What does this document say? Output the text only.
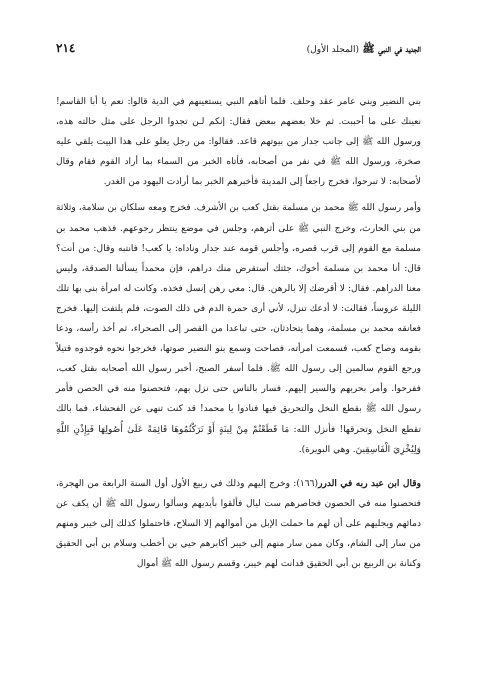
٢١٤	الجديد في النبي ﷺ (المجلد الأول)

بني النضير وبني عامر عقد وحلف. فلما أتاهم النبي يستعينهم في الدية قالوا: نعم يا أبا القاسم! نعينك على ما أحببت. ثم خلا بعضهم ببعض فقال: إنكم لـن تجدوا الرجل على مثل حالته هذه، ورسول الله ﷺ إلى جانب جدار من بيوتهم قاعد. فقالوا: من رجل يعلو على هذا البيت يلقي عليه صخرة، ورسول الله ﷺ في نفر من أصحابه، فأتاه الخبر من السماء بما أراد القوم فقام وقال لأصحابه: لا تبرحوا، فخرج راجعاً إلى المدينة فأخبرهم الخبر بما أرادت اليهود من الغدر.

وأمر رسول الله ﷺ محمد بن مسلمة بقتل كعب بن الأشرف. فخرج ومعه سلكان بن سلامة، وثلاثة من بني الحارث، وخرج النبي ﷺ على أثرهم، وجلس في موضع ينتظر رجوعهم. فذهب محمد بن مسلمة مع القوم إلى قرب قصره، وأجلس قومه عند جدار وناداه: يا كعب! فانتبه وقال: من أنت؟ قال: أنا محمد بن مسلمة أخوك، جئتك أستقرض منك دراهم، فإن محمداً يسألنا الصدقة، وليس معنا الدراهم. فقال: لا أقرضك إلا بالرهن. قال: معي رهن إنسل فخذه. وكانت له امرأة بنى بها تلك الليلة عروساً، فقالت: لا أدعك تنزل، لأني أرى حمرة الدم في ذلك الصوت، فلم يلتفت إليها. فخرج فعانقه محمد بن مسلمة، وهما يتحادثان، حتى تباعدا من القصر إلى الصحراء، ثم أخذ رأسه، ودعا بقومه وصاح كعب، فسمعت امرأته، فصاحت وسمع بنو النضير صوتها، فخرجوا نحوه فوجدوه قتيلاً ورجع القوم سالمين إلى رسول الله ﷺ. فلما أسفر الصبح، أخبر رسول الله أصحابه بقتل كعب، ففرحوا. وأمر بحربهم والسير إليهم. فسار بالناس حتى نزل بهم، فتحصنوا منه في الحصن فأمر رسول الله ﷺ بقطع النخل والتحريق فيها فنادوا يا محمد! قد كنت تنهى عن الفحشاء، فما بالك تقطع النخل وتحرقها! فأنزل الله: مَا قَطَعْتُمْ مِنْ لِينَةٍ أَوْ تَرَكْتُمُوهَا قَائِمَةً عَلَىٰ أُصُولِهَا فَبِإِذْنِ اللَّهِ وَلِيُخْزِيَ الْفَاسِقِينَ. وهي البويرة).

وقال ابن عبد ربه في الدرر(١٦٦): وخرج إليهم وذلك في ربيع الأول أول السنة الرابعة من الهجرة، فتحصنوا منه في الحصون فحاصرهم ست ليال فألقوا بأيديهم وسألوا رسول الله ﷺ أن يكف عن دمائهم ويجليهم على أن لهم ما حملت الإبل من أموالهم إلا السلاح، فاحتملوا كذلك إلى خيبر ومنهم من سار إلى الشام، وكان ممن سار منهم إلى خيبر أكابرهم حيي بن أخطب وسلام بن أبي الحقيق وكنانة بن الربيع بن أبي الحقيق فدانت لهم خيبر، وقسم رسول الله ﷺ أموال
